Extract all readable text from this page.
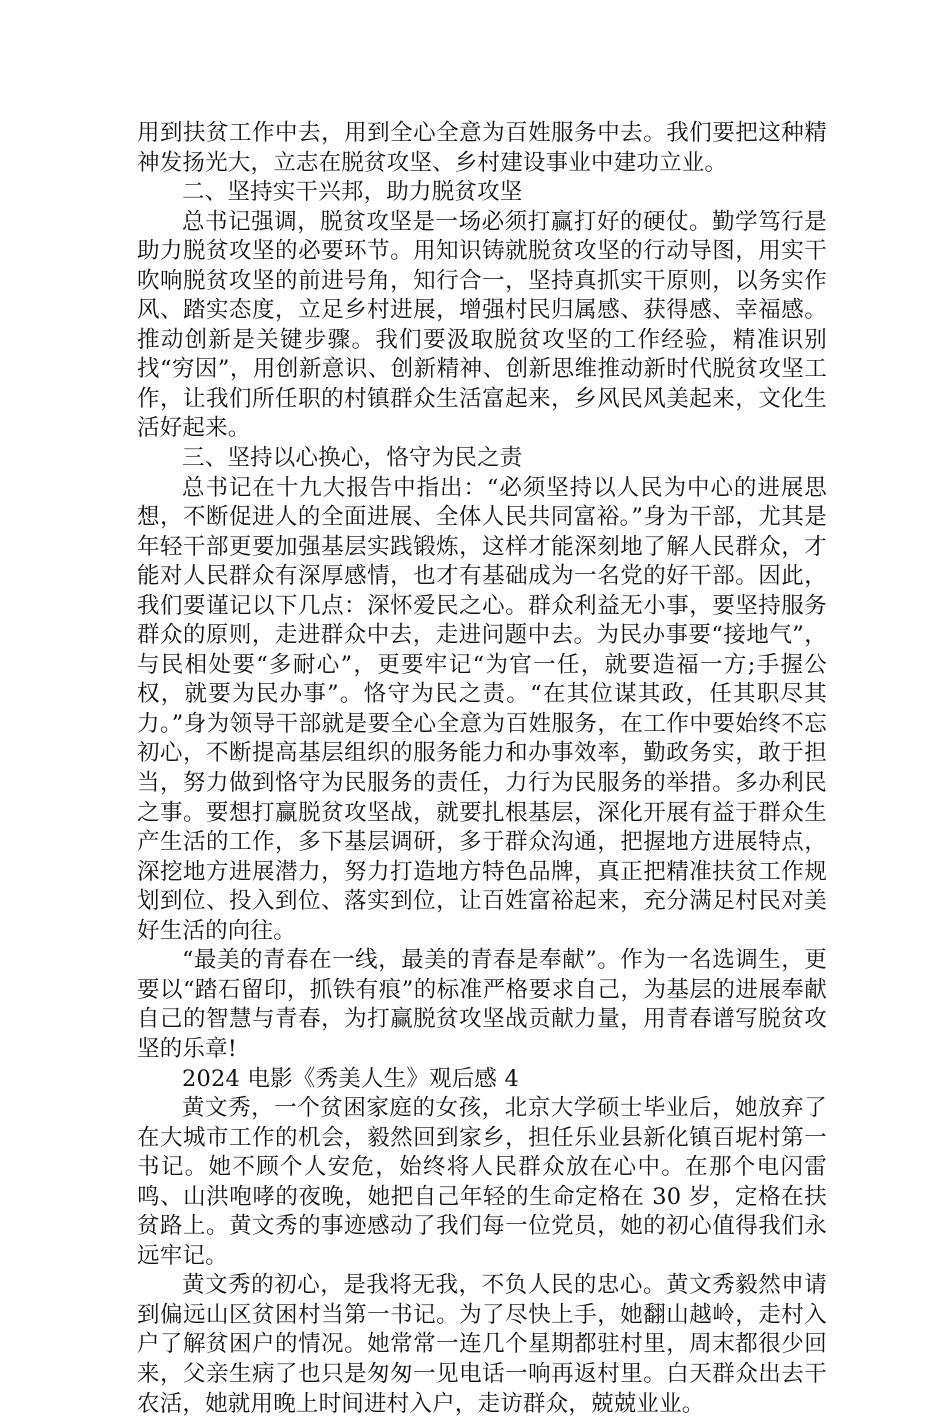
用到扶贫工作中去，用到全心全意为百姓服务中去。我们要把这种精神发扬光大，立志在脱贫攻坚、乡村建设事业中建功立业。

二、坚持实干兴邦，助力脱贫攻坚

总书记强调，脱贫攻坚是一场必须打赢打好的硬仗。勤学笃行是助力脱贫攻坚的必要环节。用知识铸就脱贫攻坚的行动导图，用实干吹响脱贫攻坚的前进号角，知行合一，坚持真抓实干原则，以务实作风、踏实态度，立足乡村进展，增强村民归属感、获得感、幸福感。推动创新是关键步骤。我们要汲取脱贫攻坚的工作经验，精准识别找“穷因”，用创新意识、创新精神、创新思维推动新时代脱贫攻坚工作，让我们所任职的村镇群众生活富起来，乡风民风美起来，文化生活好起来。

三、坚持以心换心，恪守为民之责

总书记在十九大报告中指出：“必须坚持以人民为中心的进展思想，不断促进人的全面进展、全体人民共同富裕。”身为干部，尤其是年轻干部更要加强基层实践锻炼，这样才能深刻地了解人民群众，才能对人民群众有深厚感情，也才有基础成为一名党的好干部。因此，我们要谨记以下几点：深怀爱民之心。群众利益无小事，要坚持服务群众的原则，走进群众中去，走进问题中去。为民办事要“接地气”，与民相处要“多耐心”，更要牢记“为官一任，就要造福一方;手握公权，就要为民办事”。恪守为民之责。“在其位谋其政，任其职尽其力。”身为领导干部就是要全心全意为百姓服务，在工作中要始终不忘初心，不断提高基层组织的服务能力和办事效率，勤政务实，敢于担当，努力做到恪守为民服务的责任，力行为民服务的举措。多办利民之事。要想打赢脱贫攻坚战，就要扎根基层，深化开展有益于群众生产生活的工作，多下基层调研，多于群众沟通，把握地方进展特点，深挖地方进展潜力，努力打造地方特色品牌，真正把精准扶贫工作规划到位、投入到位、落实到位，让百姓富裕起来，充分满足村民对美好生活的向往。

“最美的青春在一线，最美的青春是奉献”。作为一名选调生，更要以“踏石留印，抓铁有痕”的标准严格要求自己，为基层的进展奉献自己的智慧与青春，为打赢脱贫攻坚战贡献力量，用青春谱写脱贫攻坚的乐章!

2024 电影《秀美人生》观后感 4

黄文秀，一个贫困家庭的女孩，北京大学硕士毕业后，她放弃了在大城市工作的机会，毅然回到家乡，担任乐业县新化镇百坭村第一书记。她不顾个人安危，始终将人民群众放在心中。在那个电闪雷鸣、山洪咆哮的夜晚，她把自己年轻的生命定格在 30 岁，定格在扶贫路上。黄文秀的事迹感动了我们每一位党员，她的初心值得我们永远牢记。

黄文秀的初心，是我将无我，不负人民的忠心。黄文秀毅然申请到偏远山区贫困村当第一书记。为了尽快上手，她翻山越岭，走村入户了解贫困户的情况。她常常一连几个星期都驻村里，周末都很少回来，父亲生病了也只是匆匆一见电话一响再返村里。白天群众出去干农活，她就用晚上时间进村入户，走访群众，兢兢业业。
